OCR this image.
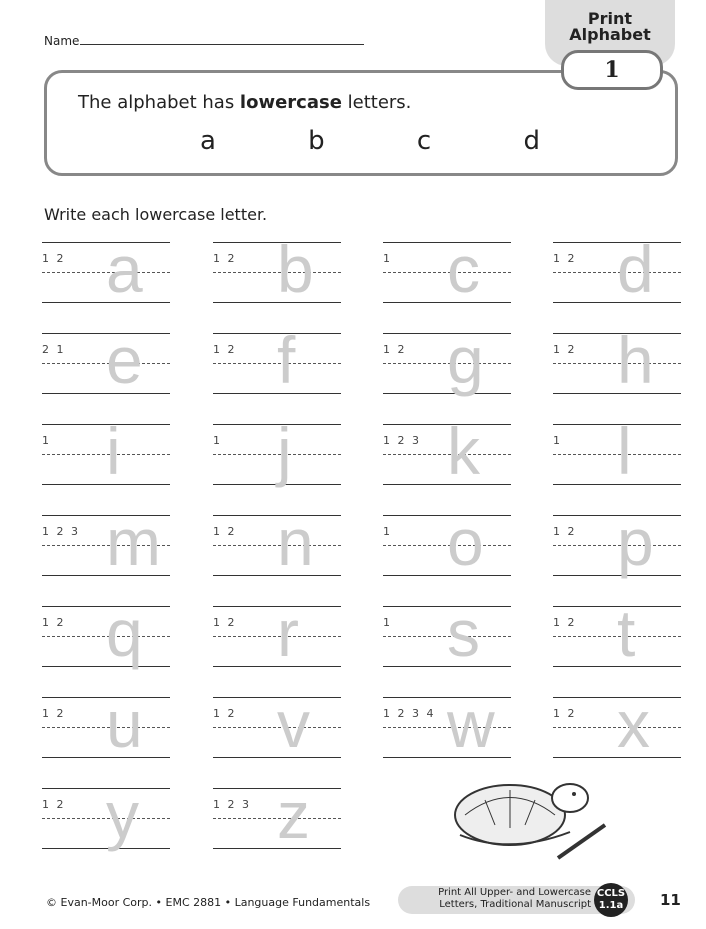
Name
Print
Alphabet
1
The alphabet has lowercase letters.
a	b	c	d
Write each lowercase letter.
1 2 a	1 2 b	1 c	1 2 d
2 1 e	1 2 f	1 2 g	1 2 h
1 i	1 j	1 2 3 k	1 l
1 2 3 m	1 2 n	1 o	1 2 p
1 2 q	1 2 r	1 s	1 2 t
1 2 u	1 2 v	1 2 3 4 w	1 2 x
1 2 y	1 2 3 z
© Evan-Moor Corp. • EMC 2881 • Language Fundamentals
Print All Upper- and Lowercase
Letters, Traditional Manuscript
CCLS
1.1a	11
